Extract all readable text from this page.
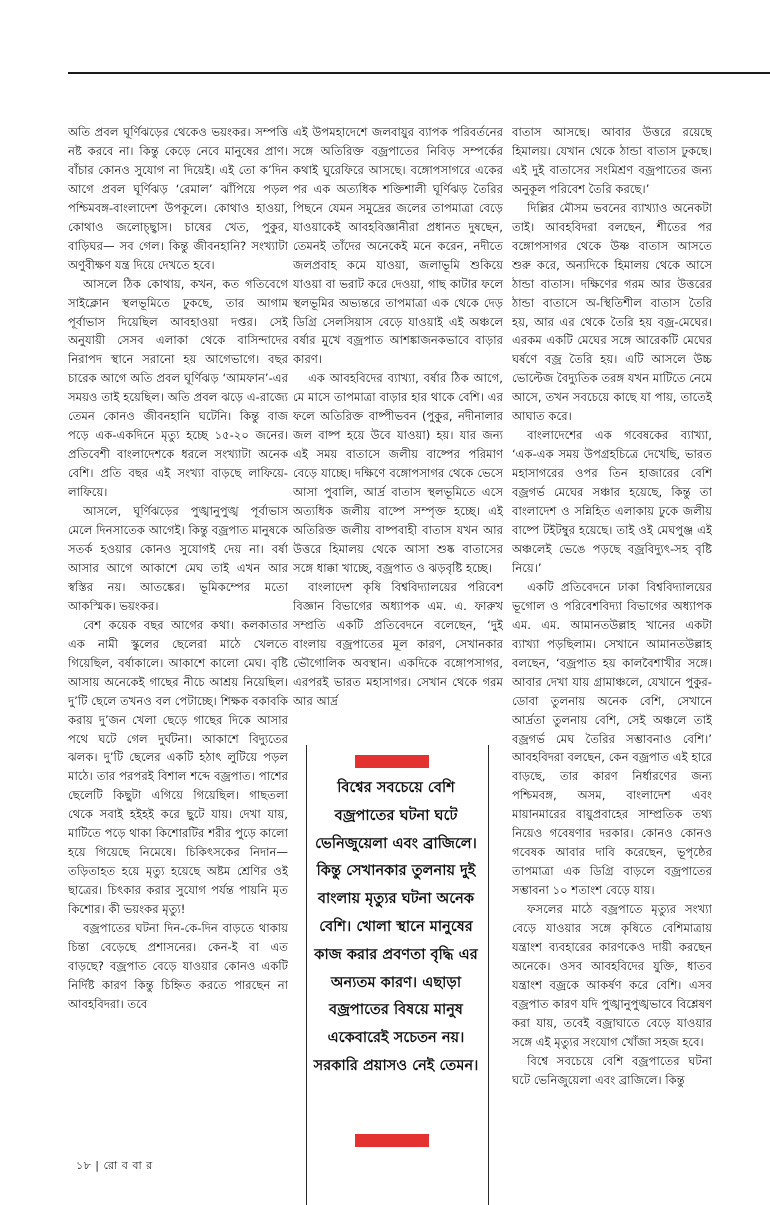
অতি প্রবল ঘূর্ণিঝড়ের থেকেও ভয়ংকর। সম্পত্তি নষ্ট করবে না। কিন্তু কেড়ে নেবে মানুষের প্রাণ। বাঁচার কোনও সুযোগ না দিয়েই। এই তো ক’দিন আগে প্রবল ঘূর্ণিঝড় ‘রেমাল’ ঝাঁপিয়ে পড়ল পশ্চিমবঙ্গ-বাংলাদেশ উপকূলে। কোথাও হাওয়া, কোথাও জলোচ্ছ্বাস। চাষের খেত, পুকুর, বাড়িঘর— সব গেল। কিন্তু জীবনহানি? সংখ্যাটা অণুবীক্ষণ যন্ত্র দিয়ে দেখতে হবে।

আসলে ঠিক কোথায়, কখন, কত গতিবেগে সাইক্লোন স্থলভূমিতে ঢুকছে, তার আগাম পূর্বাভাস দিয়েছিল আবহাওয়া দপ্তর। সেই অনুযায়ী সেসব এলাকা থেকে বাসিন্দাদের নিরাপদ স্থানে সরানো হয় আগেভাগে। বছর চারেক আগে অতি প্রবল ঘূর্ণিঝড় ‘আমফান’-এর সময়ও তাই হয়েছিল। অতি প্রবল ঝড়ে এ-রাজ্যে তেমন কোনও জীবনহানি ঘটেনি। কিন্তু বাজ পড়ে এক-একদিনে মৃত্যু হচ্ছে ১৫-২০ জনের। প্রতিবেশী বাংলাদেশকে ধরলে সংখ্যাটা অনেক বেশি। প্রতি বছর এই সংখ্যা বাড়ছে লাফিয়ে-লাফিয়ে।

আসলে, ঘূর্ণিঝড়ের পুঙ্খানুপুঙ্খ পূর্বাভাস মেলে দিনসাতেক আগেই। কিন্তু বজ্রপাত মানুষকে সতর্ক হওয়ার কোনও সুযোগই দেয় না। বর্ষা আসার আগে আকাশে মেঘ তাই এখন আর স্বস্তির নয়। আতঙ্কের। ভূমিকম্পের মতো আকস্মিক। ভয়ংকর।

বেশ কয়েক বছর আগের কথা। কলকাতার এক নামী স্কুলের ছেলেরা মাঠে খেলতে গিয়েছিল, বর্ষাকালে। আকাশে কালো মেঘ। বৃষ্টি আসায় অনেকেই গাছের নীচে আশ্রয় নিয়েছিল। দু’টি ছেলে তখনও বল পেটাচ্ছে। শিক্ষক বকাবকি করায় দু’জন খেলা ছেড়ে গাছের দিকে আসার পথে ঘটে গেল দুর্ঘটনা। আকাশে বিদ্যুতের ঝলক। দু’টি ছেলের একটি হঠাৎ লুটিয়ে পড়ল মাঠে। তার পরপরই বিশাল শব্দে বজ্রপাত। পাশের ছেলেটি কিছুটা এগিয়ে গিয়েছিল। গাছতলা থেকে সবাই হইহই করে ছুটে যায়। দেখা যায়, মাটিতে পড়ে থাকা কিশোরটির শরীর পুড়ে কালো হয়ে গিয়েছে নিমেষে। চিকিৎসকের নিদান— তড়িতাহত হয়ে মৃত্যু হয়েছে অষ্টম শ্রেণির ওই ছাত্রের। চিৎকার করার সুযোগ পর্যন্ত পায়নি মৃত কিশোর। কী ভয়ংকর মৃত্যু!

বজ্রপাতের ঘটনা দিন-কে-দিন বাড়তে থাকায় চিন্তা বেড়েছে প্রশাসনের। কেন-ই বা এত বাড়ছে? বজ্রপাত বেড়ে যাওয়ার কোনও একটি নির্দিষ্ট কারণ কিন্তু চিহ্নিত করতে পারছেন না আবহবিদরা। তবে

এই উপমহাদেশে জলবায়ুর ব্যাপক পরিবর্তনের সঙ্গে অতিরিক্ত বজ্রপাতের নিবিড় সম্পর্কের কথাই ঘুরেফিরে আসছে। বঙ্গোপসাগরে একের পর এক অত্যধিক শক্তিশালী ঘূর্ণিঝড় তৈরির পিছনে যেমন সমুদ্রের জলের তাপমাত্রা বেড়ে যাওয়াকেই আবহবিজ্ঞানীরা প্রধানত দুষছেন, তেমনই তাঁদের অনেকেই মনে করেন, নদীতে জলপ্রবাহ কমে যাওয়া, জলাভূমি শুকিয়ে যাওয়া বা ভরাট করে দেওয়া, গাছ কাটার ফলে স্থলভূমির অভ্যন্তরে তাপমাত্রা এক থেকে দেড় ডিগ্রি সেলসিয়াস বেড়ে যাওয়াই এই অঞ্চলে বর্ষার মুখে বজ্রপাত আশঙ্কাজনকভাবে বাড়ার কারণ।

এক আবহবিদের ব্যাখ্যা, বর্ষার ঠিক আগে, মে মাসে তাপমাত্রা বাড়ার হার থাকে বেশি। এর ফলে অতিরিক্ত বাষ্পীভবন (পুকুর, নদীনালার জল বাষ্প হয়ে উবে যাওয়া) হয়। যার জন্য এই সময় বাতাসে জলীয় বাষ্পের পরিমাণ বেড়ে যাচ্ছে। দক্ষিণে বঙ্গোপসাগর থেকে ভেসে আসা পুবালি, আর্দ্র বাতাস স্থলভূমিতে এসে অত্যধিক জলীয় বাষ্পে সম্পৃক্ত হচ্ছে। এই অতিরিক্ত জলীয় বাষ্পবাহী বাতাস যখন আর উত্তরে হিমালয় থেকে আসা শুষ্ক বাতাসের সঙ্গে ধাক্কা খাচ্ছে, বজ্রপাত ও ঝড়বৃষ্টি হচ্ছে।

বাংলাদেশ কৃষি বিশ্ববিদ্যালয়ের পরিবেশ বিজ্ঞান বিভাগের অধ্যাপক এম. এ. ফারুখ সম্প্রতি একটি প্রতিবেদনে বলেছেন, ‘দুই বাংলায় বজ্রপাতের মূল কারণ, সেখানকার ভৌগোলিক অবস্থান। একদিকে বঙ্গোপসাগর, এরপরই ভারত মহাসাগর। সেখান থেকে গরম আর আর্দ্র

বিশ্বের সবচেয়ে বেশি বজ্রপাতের ঘটনা ঘটে ভেনিজুয়েলা এবং ব্রাজিলে। কিন্তু সেখানকার তুলনায় দুই বাংলায় মৃত্যুর ঘটনা অনেক বেশি। খোলা স্থানে মানুষের কাজ করার প্রবণতা বৃদ্ধি এর অন্যতম কারণ। এছাড়া বজ্রপাতের বিষয়ে মানুষ একেবারেই সচেতন নয়। সরকারি প্রয়াসও নেই তেমন।

বাতাস আসছে। আবার উত্তরে রয়েছে হিমালয়। যেখান থেকে ঠান্ডা বাতাস ঢুকছে। এই দুই বাতাসের সংমিশ্রণ বজ্রপাতের জন্য অনুকূল পরিবেশ তৈরি করছে।’

দিল্লির মৌসম ভবনের ব্যাখ্যাও অনেকটা তাই। আবহবিদরা বলছেন, শীতের পর বঙ্গোপসাগর থেকে উষ্ণ বাতাস আসতে শুরু করে, অন্যদিকে হিমালয় থেকে আসে ঠান্ডা বাতাস। দক্ষিণের গরম আর উত্তরের ঠান্ডা বাতাসে অ-স্থিতিশীল বাতাস তৈরি হয়, আর এর থেকে তৈরি হয় বজ্র-মেঘের। এরকম একটি মেঘের সঙ্গে আরেকটি মেঘের ঘর্ষণে বজ্র তৈরি হয়। এটি আসলে উচ্চ ভোল্টেজ বৈদ্যুতিক তরঙ্গ যখন মাটিতে নেমে আসে, তখন সবচেয়ে কাছে যা পায়, তাতেই আঘাত করে।

বাংলাদেশের এক গবেষকের ব্যাখ্যা, ‘এক-এক সময় উপগ্রহচিত্রে দেখেছি, ভারত মহাসাগরের ওপর তিন হাজারের বেশি বজ্রগর্ভ মেঘের সঞ্চার হয়েছে, কিন্তু তা বাংলাদেশ ও সন্নিহিত এলাকায় ঢুকে জলীয় বাষ্পে টইটম্বুর হয়েছে। তাই ওই মেঘপুঞ্জ এই অঞ্চলেই ভেঙে পড়ছে বজ্রবিদ্যুৎ-সহ বৃষ্টি নিয়ে।’

একটি প্রতিবেদনে ঢাকা বিশ্ববিদ্যালয়ের ভূগোল ও পরিবেশবিদ্যা বিভাগের অধ্যাপক এম. এম. আমানতউল্লাহ খানের একটা ব্যাখ্যা পড়ছিলাম। সেখানে আমানতউল্লাহ বলছেন, ‘বজ্রপাত হয় কালবৈশাখীর সঙ্গে। আবার দেখা যায় গ্রামাঞ্চলে, যেখানে পুকুর-ডোবা তুলনায় অনেক বেশি, সেখানে আর্দ্রতা তুলনায় বেশি, সেই অঞ্চলে তাই বজ্রগর্ভ মেঘ তৈরির সম্ভাবনাও বেশি।’ আবহবিদরা বলছেন, কেন বজ্রপাত এই হারে বাড়ছে, তার কারণ নির্ধারণের জন্য পশ্চিমবঙ্গ, অসম, বাংলাদেশ এবং মায়ানমারের বায়ুপ্রবাহের সাম্প্রতিক তথ্য নিয়েও গবেষণার দরকার। কোনও কোনও গবেষক আবার দাবি করেছেন, ভূপৃষ্ঠের তাপমাত্রা এক ডিগ্রি বাড়লে বজ্রপাতের সম্ভাবনা ১০ শতাংশ বেড়ে যায়।

ফসলের মাঠে বজ্রপাতে মৃত্যুর সংখ্যা বেড়ে যাওয়ার সঙ্গে কৃষিতে বেশিমাত্রায় যন্ত্রাংশ ব্যবহারের কারণকেও দায়ী করছেন অনেকে। ওসব আবহবিদের যুক্তি, ধাতব যন্ত্রাংশ বজ্রকে আকর্ষণ করে বেশি। এসব বজ্রপাত কারণ যদি পুঙ্খানুপুঙ্খভাবে বিশ্লেষণ করা যায়, তবেই বজ্রাঘাতে বেড়ে যাওয়ার সঙ্গে এই মৃত্যুর সংযোগ খোঁজা সহজ হবে।

বিশ্বে সবচেয়ে বেশি বজ্রপাতের ঘটনা ঘটে ভেনিজুয়েলা এবং ব্রাজিলে। কিন্তু

১৮ | রো ব বা র
